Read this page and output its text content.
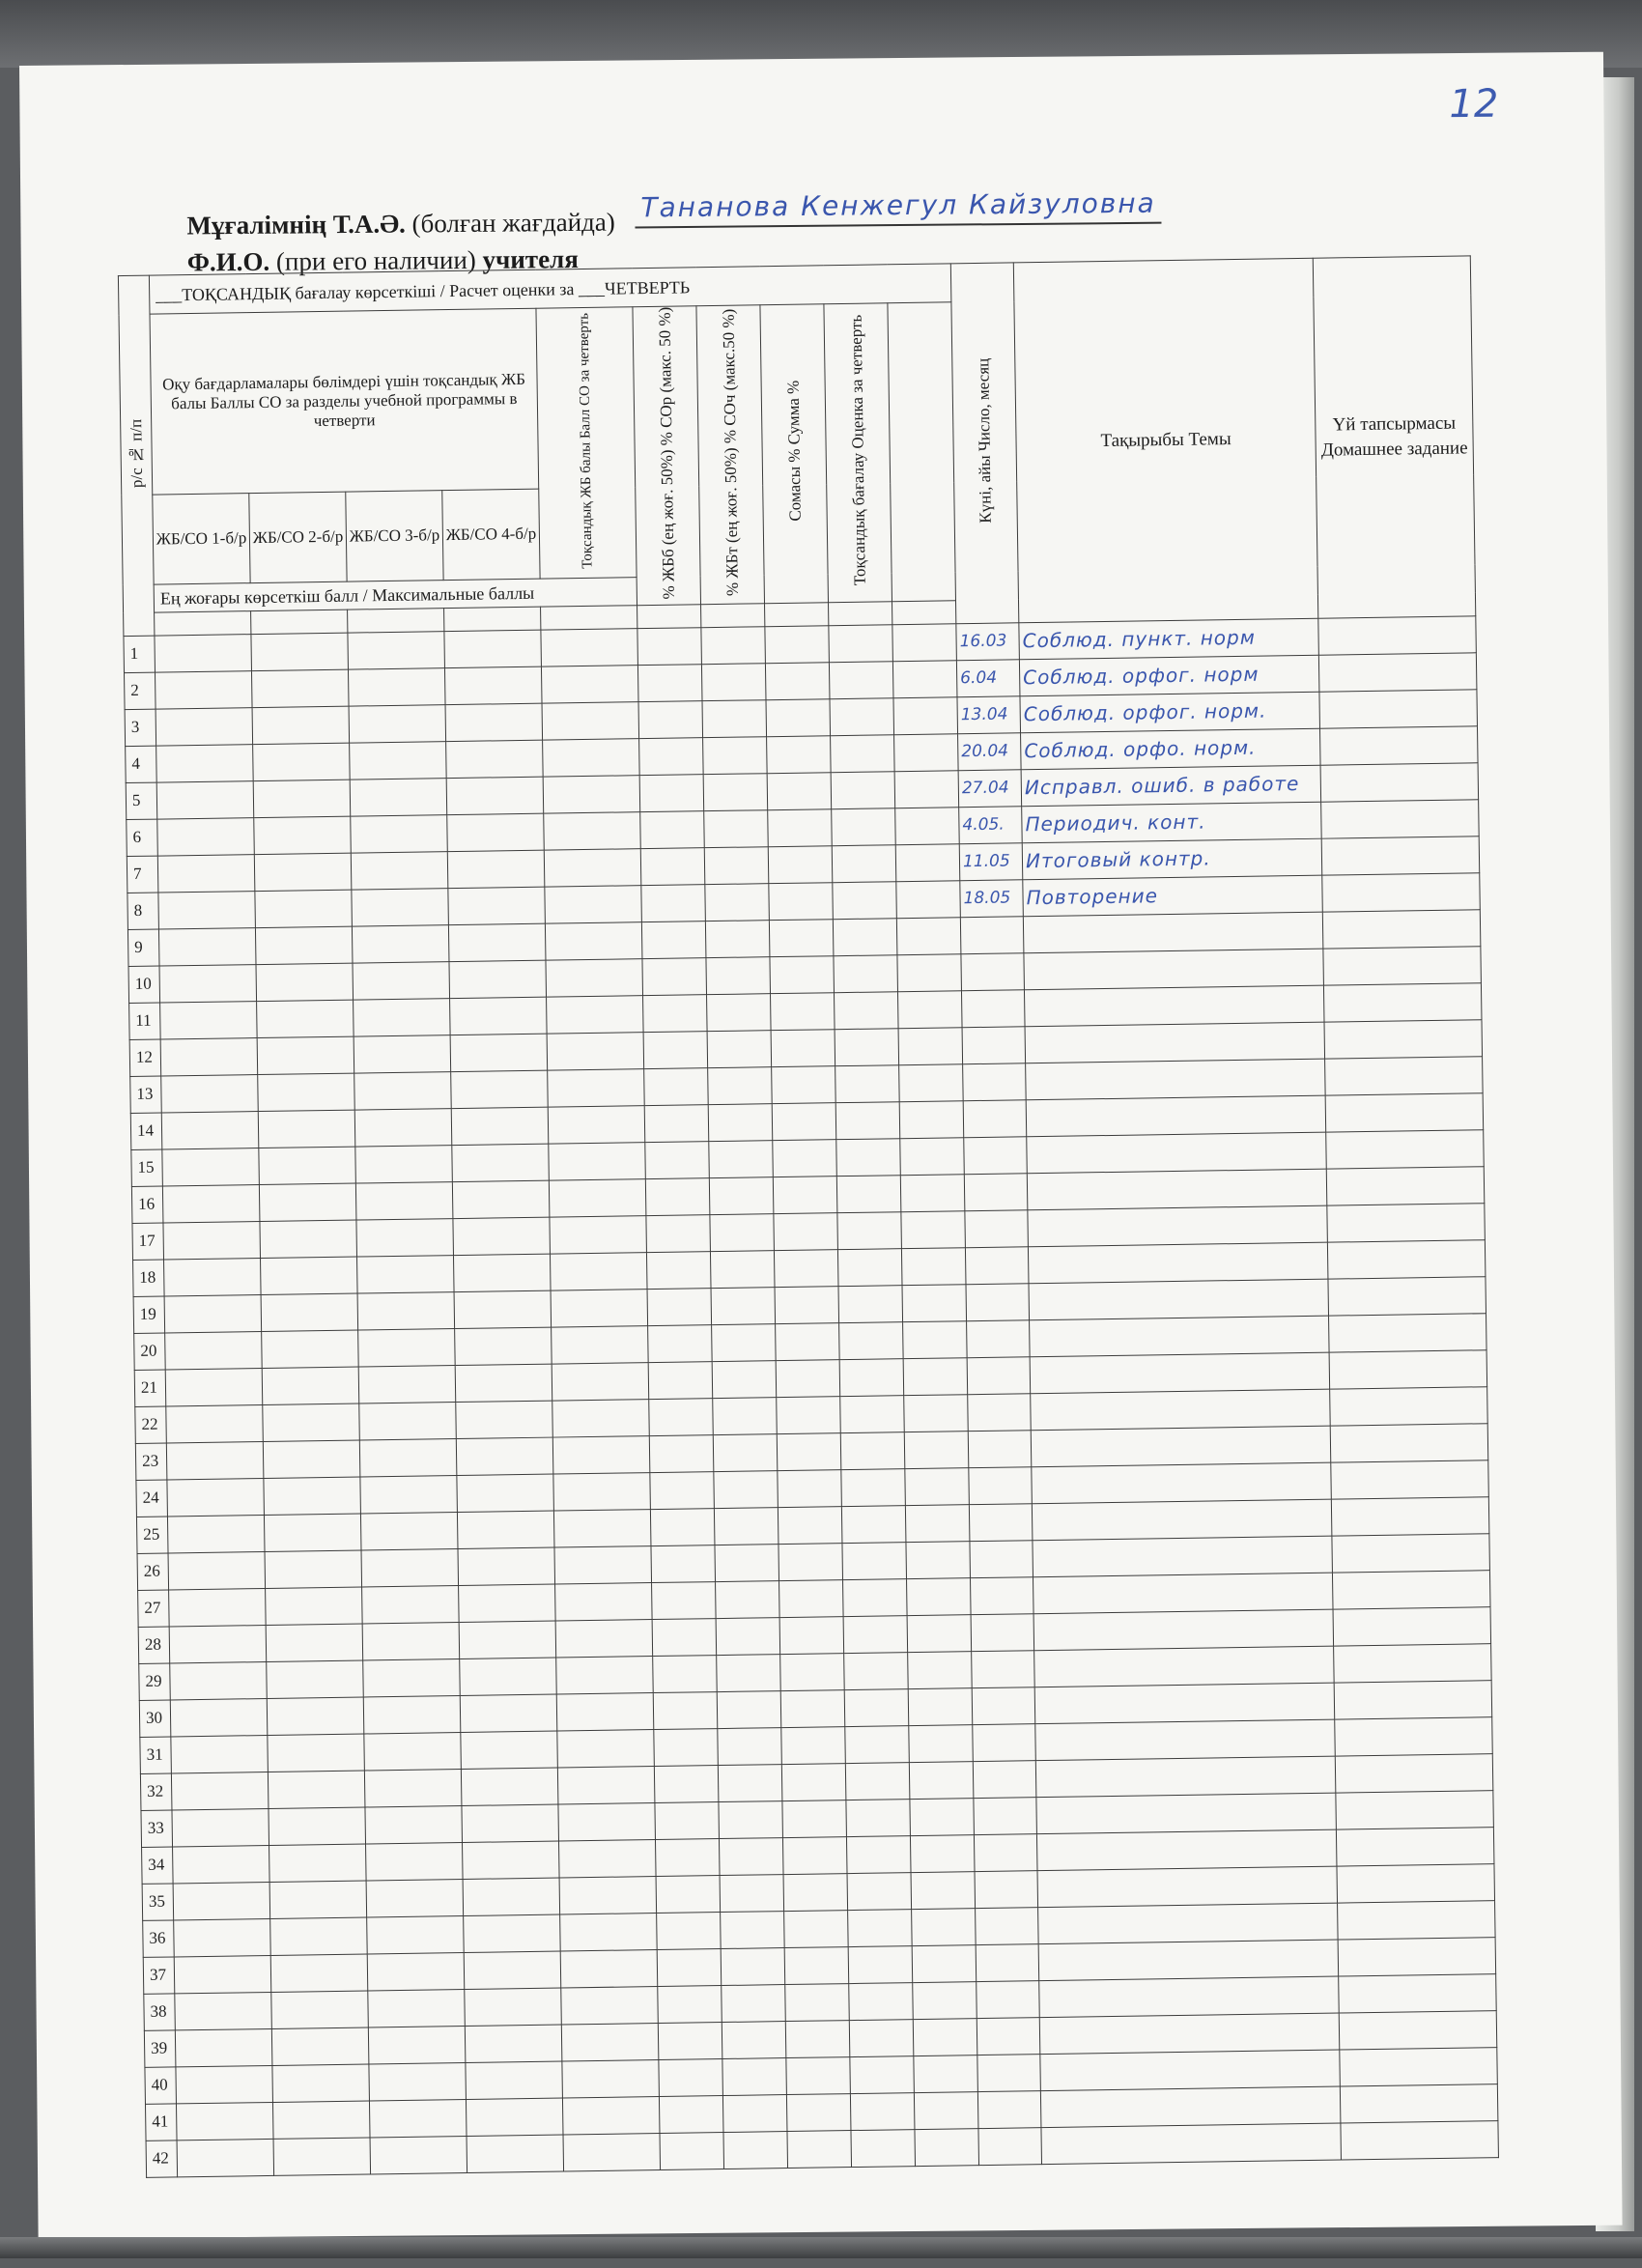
12
Мұғалімнің Т.А.Ә. (болған жағдайда) Тананова Кенжегул Кайзуловна
Ф.И.О. (при его наличии) учителя
р/с № п/п	___ТОҚСАНДЫҚ бағалау көрсеткіші / Расчет оценки за ___ЧЕТВЕРТЬ										Күні, айы Число, месяц	Тақырыбы Темы	Үй тапсырмасы Домашнее задание
	Оқу бағдарламалары бөлімдері үшін тоқсандық ЖБ балы Баллы СО за разделы учебной программы в четверти				Тоқсандық ЖБ балы Балл СО за четверть	% ЖБб (ең жоғ. 50%) % СОр (макс. 50 %)	% ЖБт (ең жоғ. 50%) % СОч (макс.50 %)	Сомасы % Сумма %	Тоқсандық бағалау Оценка за четверть				
	ЖБ/СО 1-б/р	ЖБ/СО 2-б/р	ЖБ/СО 3-б/р	ЖБ/СО 4-б/р									
	Ең жоғары көрсеткіш балл / Максимальные баллы												

1											16.03	Соблюд. пункт. норм	
2											6.04	Соблюд. орфог. норм	
3											13.04	Соблюд. орфог. норм.	
4											20.04	Соблюд. орфо. норм.	
5											27.04	Исправл. ошиб. в работе	
6											4.05.	Периодич. конт.	
7											11.05	Итоговый контр.	
8											18.05	Повторение	
9													
10													
11													
12													
13													
14													
15													
16													
17													
18													
19													
20													
21													
22													
23													
24													
25													
26													
27													
28													
29													
30													
31													
32													
33													
34													
35													
36													
37													
38													
39													
40													
41													
42													
